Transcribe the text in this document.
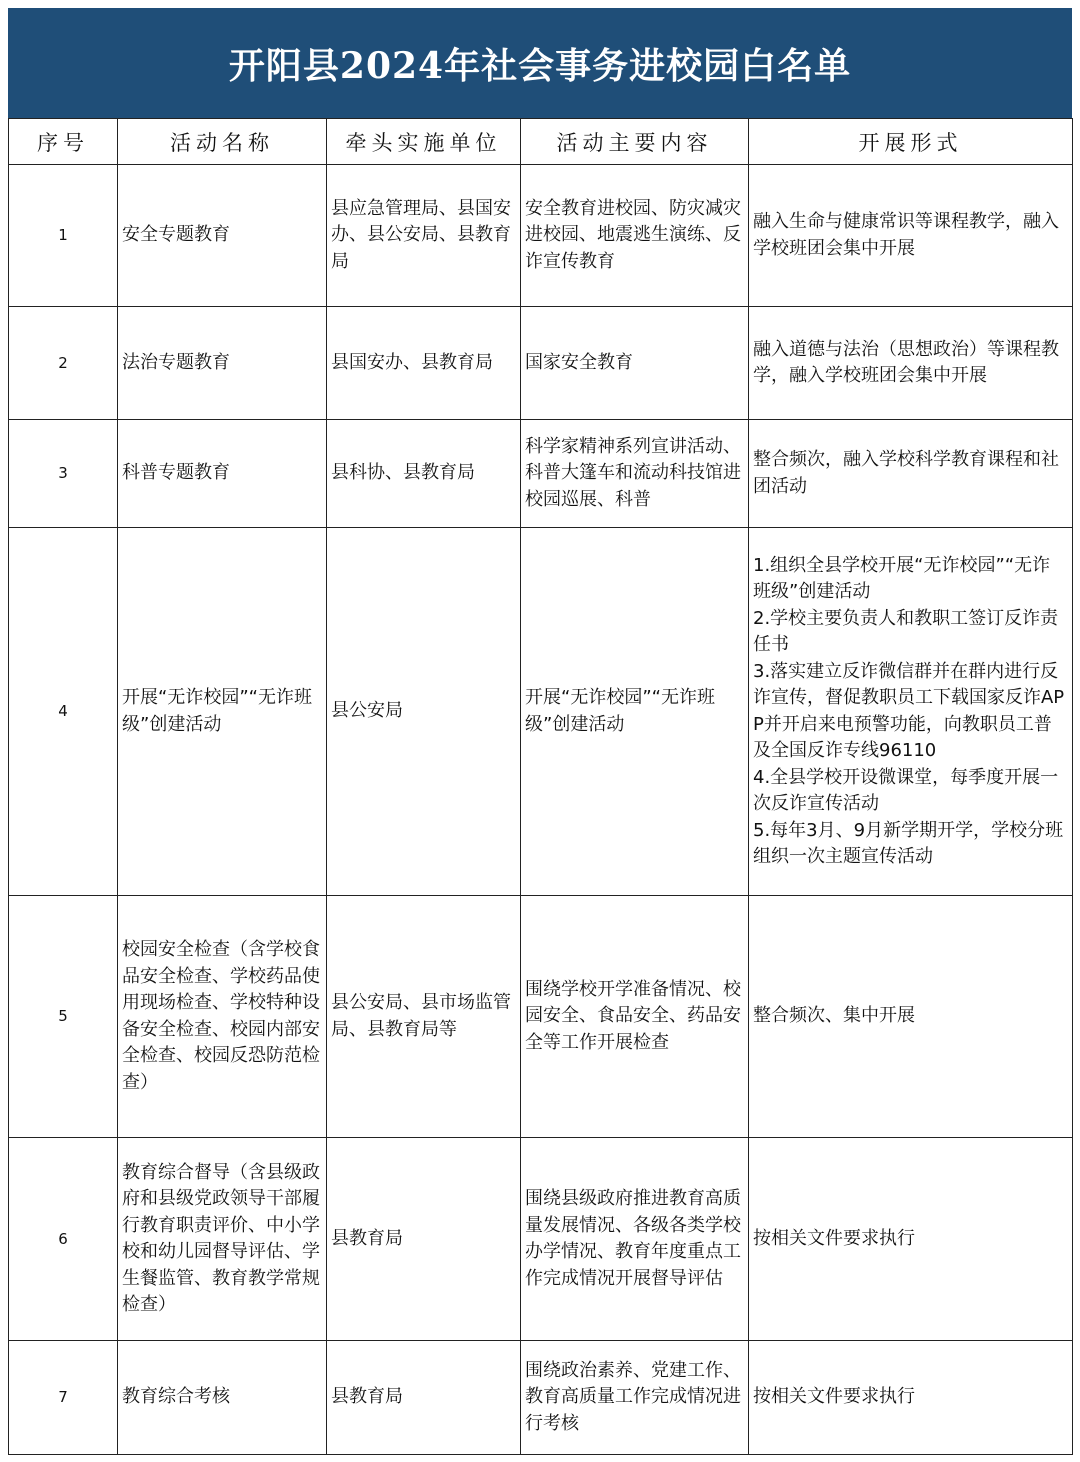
开阳县2024年社会事务进校园白名单
序号	活动名称	牵头实施单位	活动主要内容	开展形式
1	安全专题教育	县应急管理局、县国安办、县公安局、县教育局	安全教育进校园、防灾减灾进校园、地震逃生演练、反诈宣传教育	融入生命与健康常识等课程教学，融入学校班团会集中开展
2	法治专题教育	县国安办、县教育局	国家安全教育	融入道德与法治（思想政治）等课程教学，融入学校班团会集中开展
3	科普专题教育	县科协、县教育局	科学家精神系列宣讲活动、科普大篷车和流动科技馆进校园巡展、科普	整合频次，融入学校科学教育课程和社团活动
4	开展“无诈校园”“无诈班级”创建活动	县公安局	开展“无诈校园”“无诈班级”创建活动	1.组织全县学校开展“无诈校园”“无诈班级”创建活动
2.学校主要负责人和教职工签订反诈责任书
3.落实建立反诈微信群并在群内进行反诈宣传，督促教职员工下载国家反诈APP并开启来电预警功能，向教职员工普及全国反诈专线96110
4.全县学校开设微课堂，每季度开展一次反诈宣传活动
5.每年3月、9月新学期开学，学校分班组织一次主题宣传活动

5	校园安全检查（含学校食品安全检查、学校药品使用现场检查、学校特种设备安全检查、校园内部安全检查、校园反恐防范检查）	县公安局、县市场监管局、县教育局等	围绕学校开学准备情况、校园安全、食品安全、药品安全等工作开展检查	整合频次、集中开展
6	教育综合督导（含县级政府和县级党政领导干部履行教育职责评价、中小学校和幼儿园督导评估、学生餐监管、教育教学常规检查）	县教育局	围绕县级政府推进教育高质量发展情况、各级各类学校办学情况、教育年度重点工作完成情况开展督导评估	按相关文件要求执行
7	教育综合考核	县教育局	围绕政治素养、党建工作、教育高质量工作完成情况进行考核	按相关文件要求执行
